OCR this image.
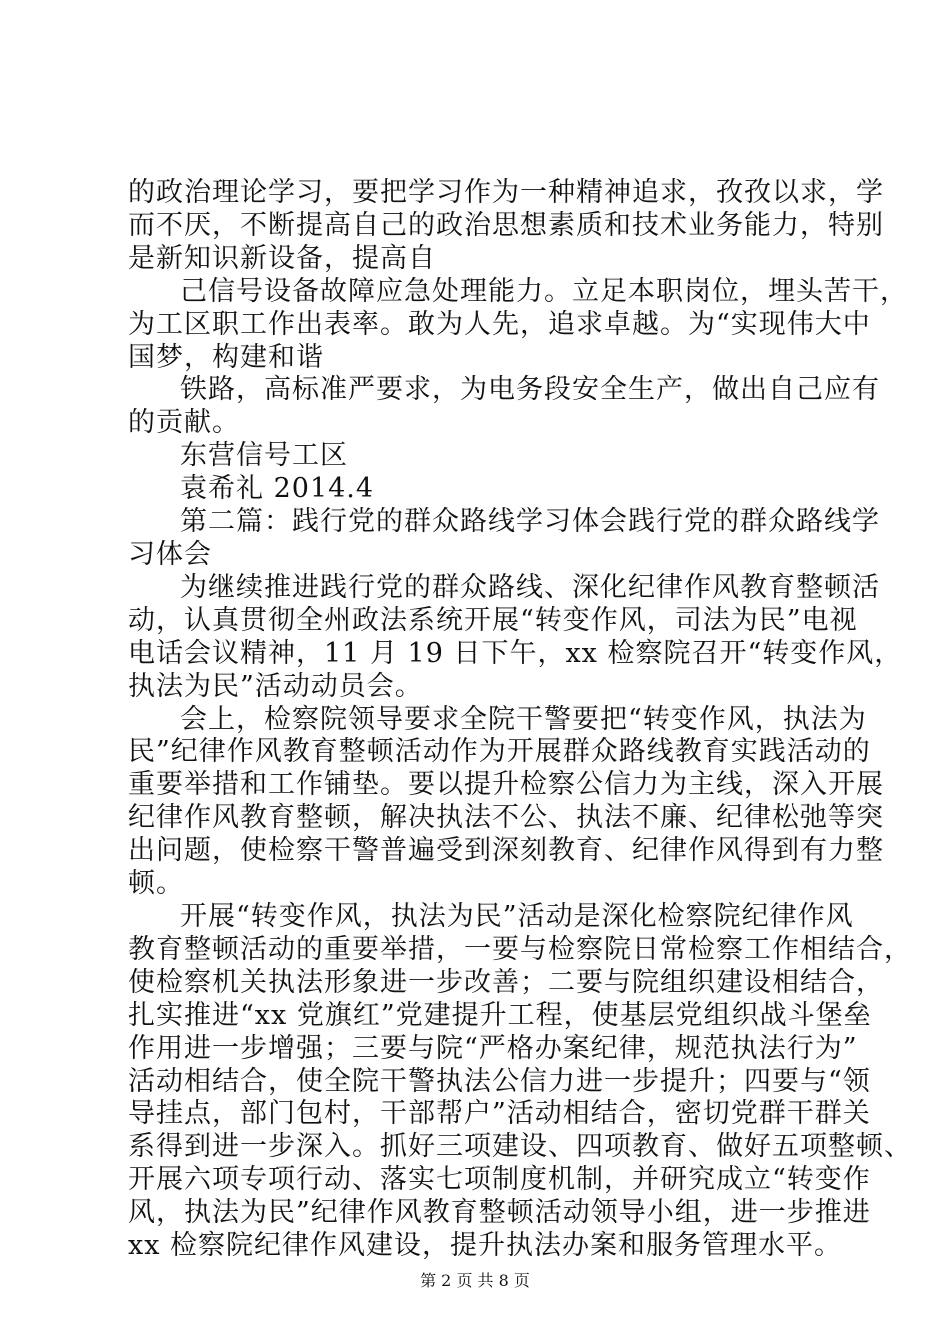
的政治理论学习，要把学习作为一种精神追求，孜孜以求，学
而不厌，不断提高自己的政治思想素质和技术业务能力，特别
是新知识新设备，提高自
己信号设备故障应急处理能力。立足本职岗位，埋头苦干，
为工区职工作出表率。敢为人先，追求卓越。为“实现伟大中
国梦，构建和谐
铁路，高标准严要求，为电务段安全生产，做出自己应有
的贡献。
东营信号工区
袁希礼 2014.4
第二篇：践行党的群众路线学习体会践行党的群众路线学
习体会
为继续推进践行党的群众路线、深化纪律作风教育整顿活
动，认真贯彻全州政法系统开展“转变作风，司法为民”电视
电话会议精神，11 月 19 日下午，xx 检察院召开“转变作风，
执法为民”活动动员会。
会上，检察院领导要求全院干警要把“转变作风，执法为
民”纪律作风教育整顿活动作为开展群众路线教育实践活动的
重要举措和工作铺垫。要以提升检察公信力为主线，深入开展
纪律作风教育整顿，解决执法不公、执法不廉、纪律松弛等突
出问题，使检察干警普遍受到深刻教育、纪律作风得到有力整
顿。
开展“转变作风，执法为民”活动是深化检察院纪律作风
教育整顿活动的重要举措，一要与检察院日常检察工作相结合，
使检察机关执法形象进一步改善；二要与院组织建设相结合，
扎实推进“xx 党旗红”党建提升工程，使基层党组织战斗堡垒
作用进一步增强；三要与院“严格办案纪律，规范执法行为”
活动相结合，使全院干警执法公信力进一步提升；四要与“领
导挂点，部门包村，干部帮户”活动相结合，密切党群干群关
系得到进一步深入。抓好三项建设、四项教育、做好五项整顿、
开展六项专项行动、落实七项制度机制，并研究成立“转变作
风，执法为民”纪律作风教育整顿活动领导小组，进一步推进
xx 检察院纪律作风建设，提升执法办案和服务管理水平。
第 2 页 共 8 页
